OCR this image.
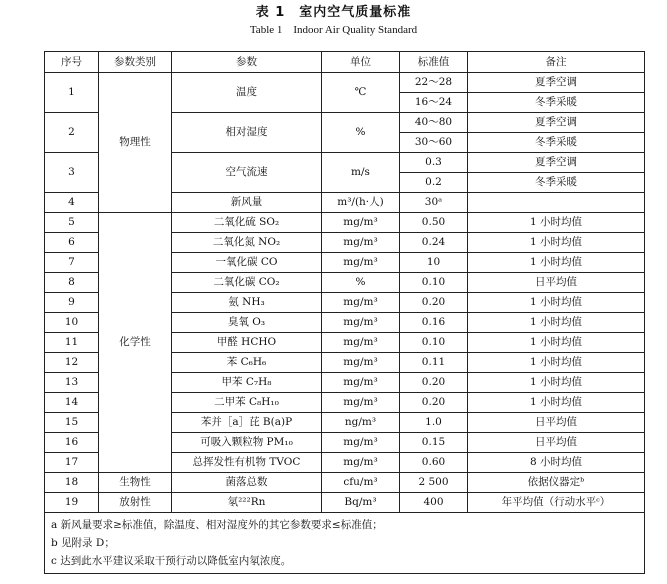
表 1　室内空气质量标准
Table 1　Indoor Air Quality Standard
序号	参数类别	参数	单位	标准值	备注
1	物理性	温度	℃	22～28	夏季空调
				16～24	冬季采暖
2		相对湿度	%	40～80	夏季空调
				30～60	冬季采暖
3		空气流速	m/s	0.3	夏季空调
				0.2	冬季采暖
4		新风量	m³/(h·人)	30ᵃ	
5	化学性	二氧化硫 SO₂	mg/m³	0.50	1 小时均值
6		二氧化氮 NO₂	mg/m³	0.24	1 小时均值
7		一氧化碳 CO	mg/m³	10	1 小时均值
8		二氧化碳 CO₂	%	0.10	日平均值
9		氨 NH₃	mg/m³	0.20	1 小时均值
10		臭氧 O₃	mg/m³	0.16	1 小时均值
11		甲醛 HCHO	mg/m³	0.10	1 小时均值
12		苯 C₆H₆	mg/m³	0.11	1 小时均值
13		甲苯 C₇H₈	mg/m³	0.20	1 小时均值
14		二甲苯 C₈H₁₀	mg/m³	0.20	1 小时均值
15		苯并［a］芘 B(a)P	ng/m³	1.0	日平均值
16		可吸入颗粒物 PM₁₀	mg/m³	0.15	日平均值
17		总挥发性有机物 TVOC	mg/m³	0.60	8 小时均值
18	生物性	菌落总数	cfu/m³	2 500	依据仪器定ᵇ
19	放射性	氡²²²Rn	Bq/m³	400	年平均值（行动水平ᶜ）

a 新风量要求≥标准值，除温度、相对湿度外的其它参数要求≤标准值；
b 见附录 D；
c 达到此水平建议采取干预行动以降低室内氡浓度。					
